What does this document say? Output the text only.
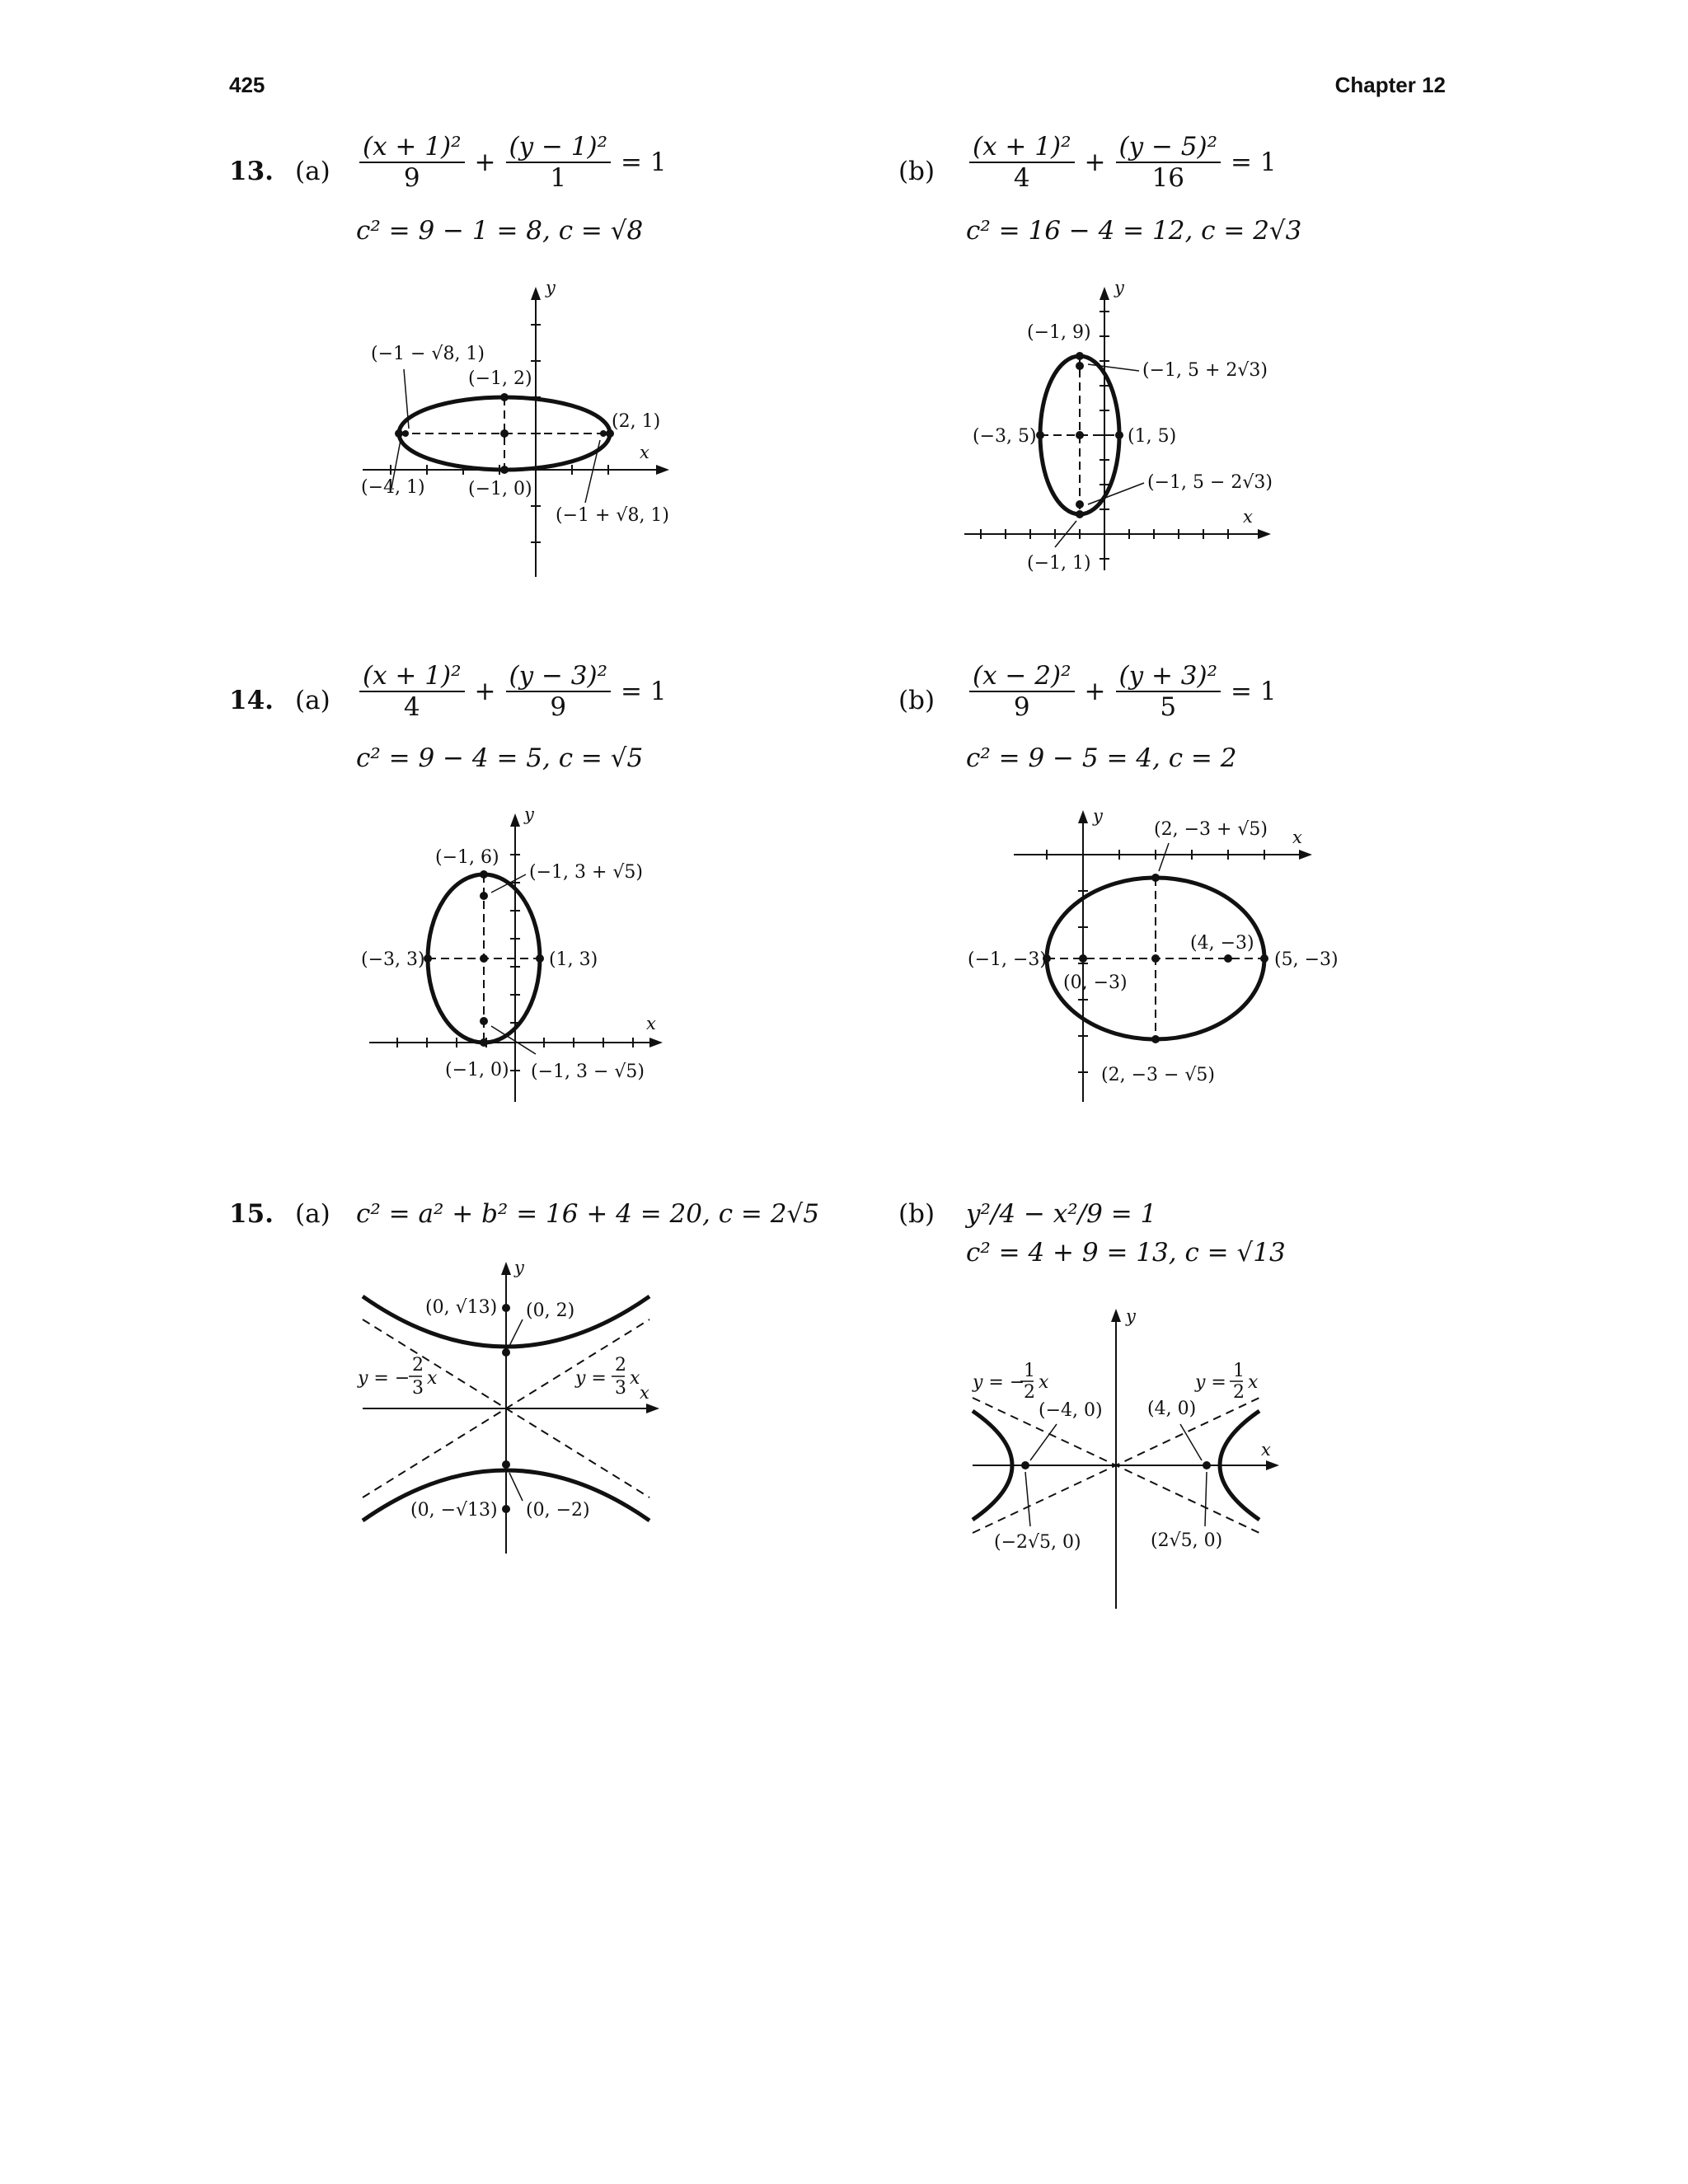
425	Chapter 12
13. $(a) \frac{\text{(x + 1)²}}{9} + \frac{\text{(y − 1)²}}{1} = 1$
c² = 9 − 1 = 8, c = √8
$(b) \frac{\text{(x + 1)²}}{4} + \frac{\text{(y − 5)²}}{16} = 1$
c² = 16 − 4 = 12, c = 2√3
y
x
(−1 − √8, 1)
(−1, 2)
(2, 1)
(−4, 1) (−1, 0)
(−1 + √8, 1)
y
x
(−1, 9)
(−1, 5 + 2√3)
(−3, 5)	(1, 5)
(−1, 5 − 2√3)
(−1, 1)
14. $(a) \frac{\text{(x + 1)²}}{4} + \frac{\text{(y − 3)²}}{9} = 1$
c² = 9 − 4 = 5, c = √5
$(b) \frac{\text{(x − 2)²}}{9} + \frac{\text{(y + 3)²}}{5} = 1$
c² = 9 − 5 = 4, c = 2
y
x
(−1, 6)
(−1, 3 + √5)
(−3, 3)	(1, 3)
(−1, 0) (−1, 3 − √5)
y
x
(2, −3 + √5)
(4, −3)
(−1, −3)
(0, −3)
(5, −3)
(2, −3 − √5)
15. (a) c² = a² + b² = 16 + 4 = 20, c = 2√5	(b) y²/4 − x²/9 = 1
c² = 4 + 9 = 13, c = √13
y
x
(0, √13) (0, 2)
(0, −√13) (0, −2)
y = −
2
3 x	y =
2
3 x
y
x
(−4, 0) (4, 0)
(−2√5, 0)	(2√5, 0)
y = −
1
2 x	y =
1
2 x
